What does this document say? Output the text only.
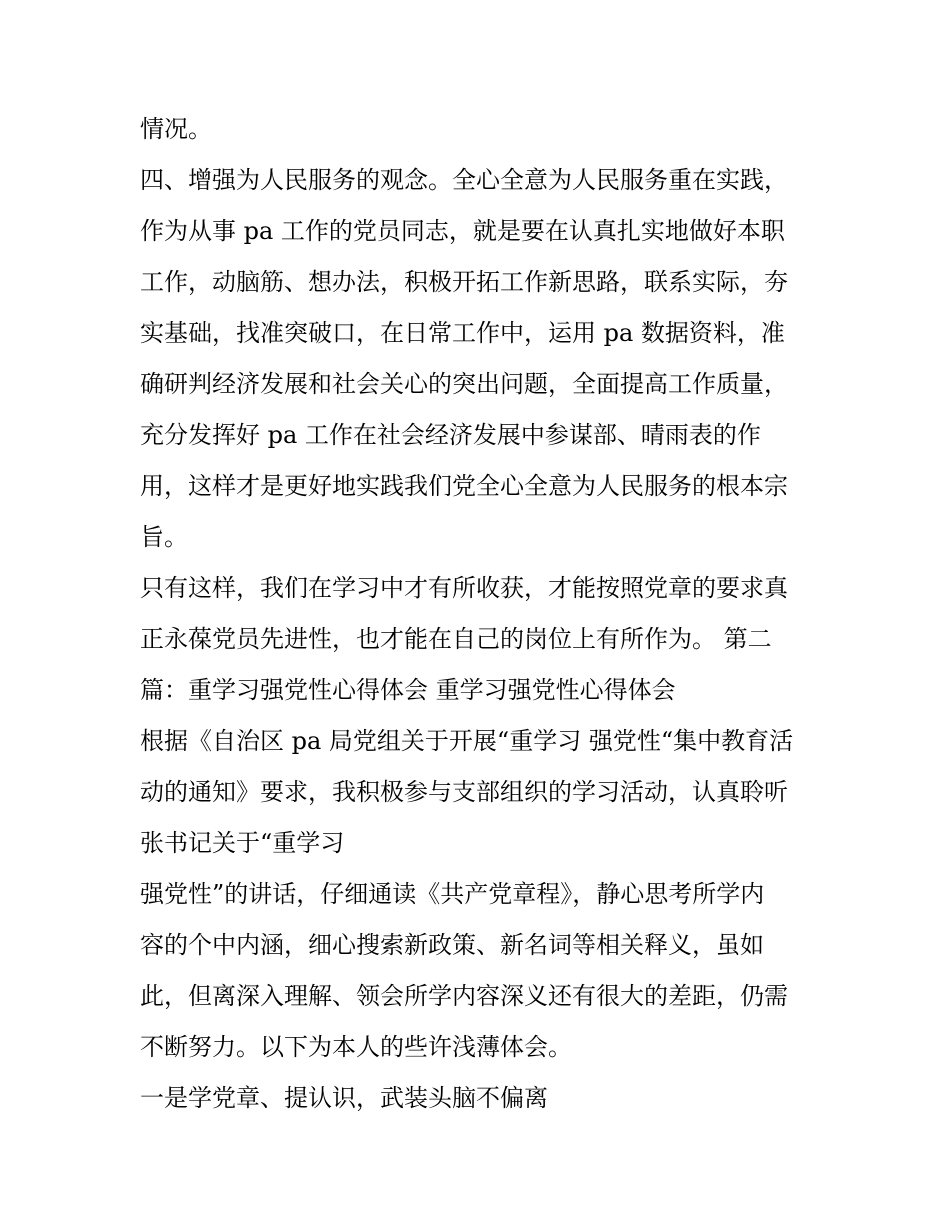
情况。
四、增强为人民服务的观念。全心全意为人民服务重在实践，
作为从事 pa 工作的党员同志，就是要在认真扎实地做好本职
工作，动脑筋、想办法，积极开拓工作新思路，联系实际，夯
实基础，找准突破口，在日常工作中，运用 pa 数据资料，准
确研判经济发展和社会关心的突出问题，全面提高工作质量，
充分发挥好 pa 工作在社会经济发展中参谋部、晴雨表的作
用，这样才是更好地实践我们党全心全意为人民服务的根本宗
旨。
只有这样，我们在学习中才有所收获，才能按照党章的要求真
正永葆党员先进性，也才能在自己的岗位上有所作为。 第二
篇：重学习强党性心得体会 重学习强党性心得体会
根据《自治区 pa 局党组关于开展“重学习 强党性“集中教育活
动的通知》要求，我积极参与支部组织的学习活动，认真聆听
张书记关于“重学习
强党性”的讲话，仔细通读《共产党章程》，静心思考所学内
容的个中内涵，细心搜索新政策、新名词等相关释义，虽如
此，但离深入理解、领会所学内容深义还有很大的差距，仍需
不断努力。以下为本人的些许浅薄体会。
一是学党章、提认识，武装头脑不偏离
